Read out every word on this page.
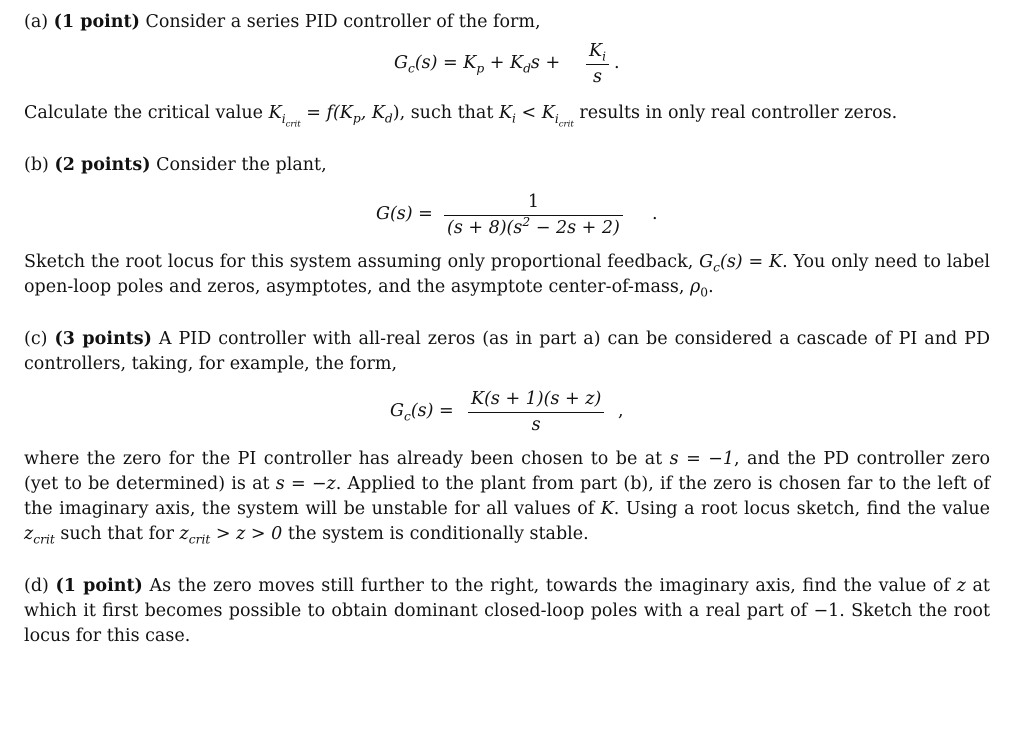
(a) (1 point) Consider a series PID controller of the form,

$G_c(s) = K_p + K_ds$ +
$K_i$
s
.

Calculate the critical value $K_{i_{crit}} = f(K_p$, $K_d$), such that $K_i < K_{i_{crit}}$ results in only real controller zeros.

(b) (2 points) Consider the plant,

G(s) =
1
$(s + 8)(s^2 - 2s + 2)$
.

Sketch the root locus for this system assuming only proportional feedback, $G_c(s) = K$. You only need to label open-loop poles and zeros, asymptotes, and the asymptote center-of-mass, $\rho_0$.

(c) (3 points) A PID controller with all-real zeros (as in part a) can be considered a cascade of PI and PD controllers, taking, for example, the form,

$G_c(s)$ =
K(s + 1)(s + z)
s
,

where the zero for the PI controller has already been chosen to be at s = −1, and the PD controller zero (yet to be determined) is at s = −z. Applied to the plant from part (b), if the zero is chosen far to the left of the imaginary axis, the system will be unstable for all values of K. Using a root locus sketch, find the value $z_{crit}$ such that for $z_{crit} > z > 0$ the system is conditionally stable.

(d) (1 point) As the zero moves still further to the right, towards the imaginary axis, find the value of z at which it first becomes possible to obtain dominant closed-loop poles with a real part of −1. Sketch the root locus for this case.
